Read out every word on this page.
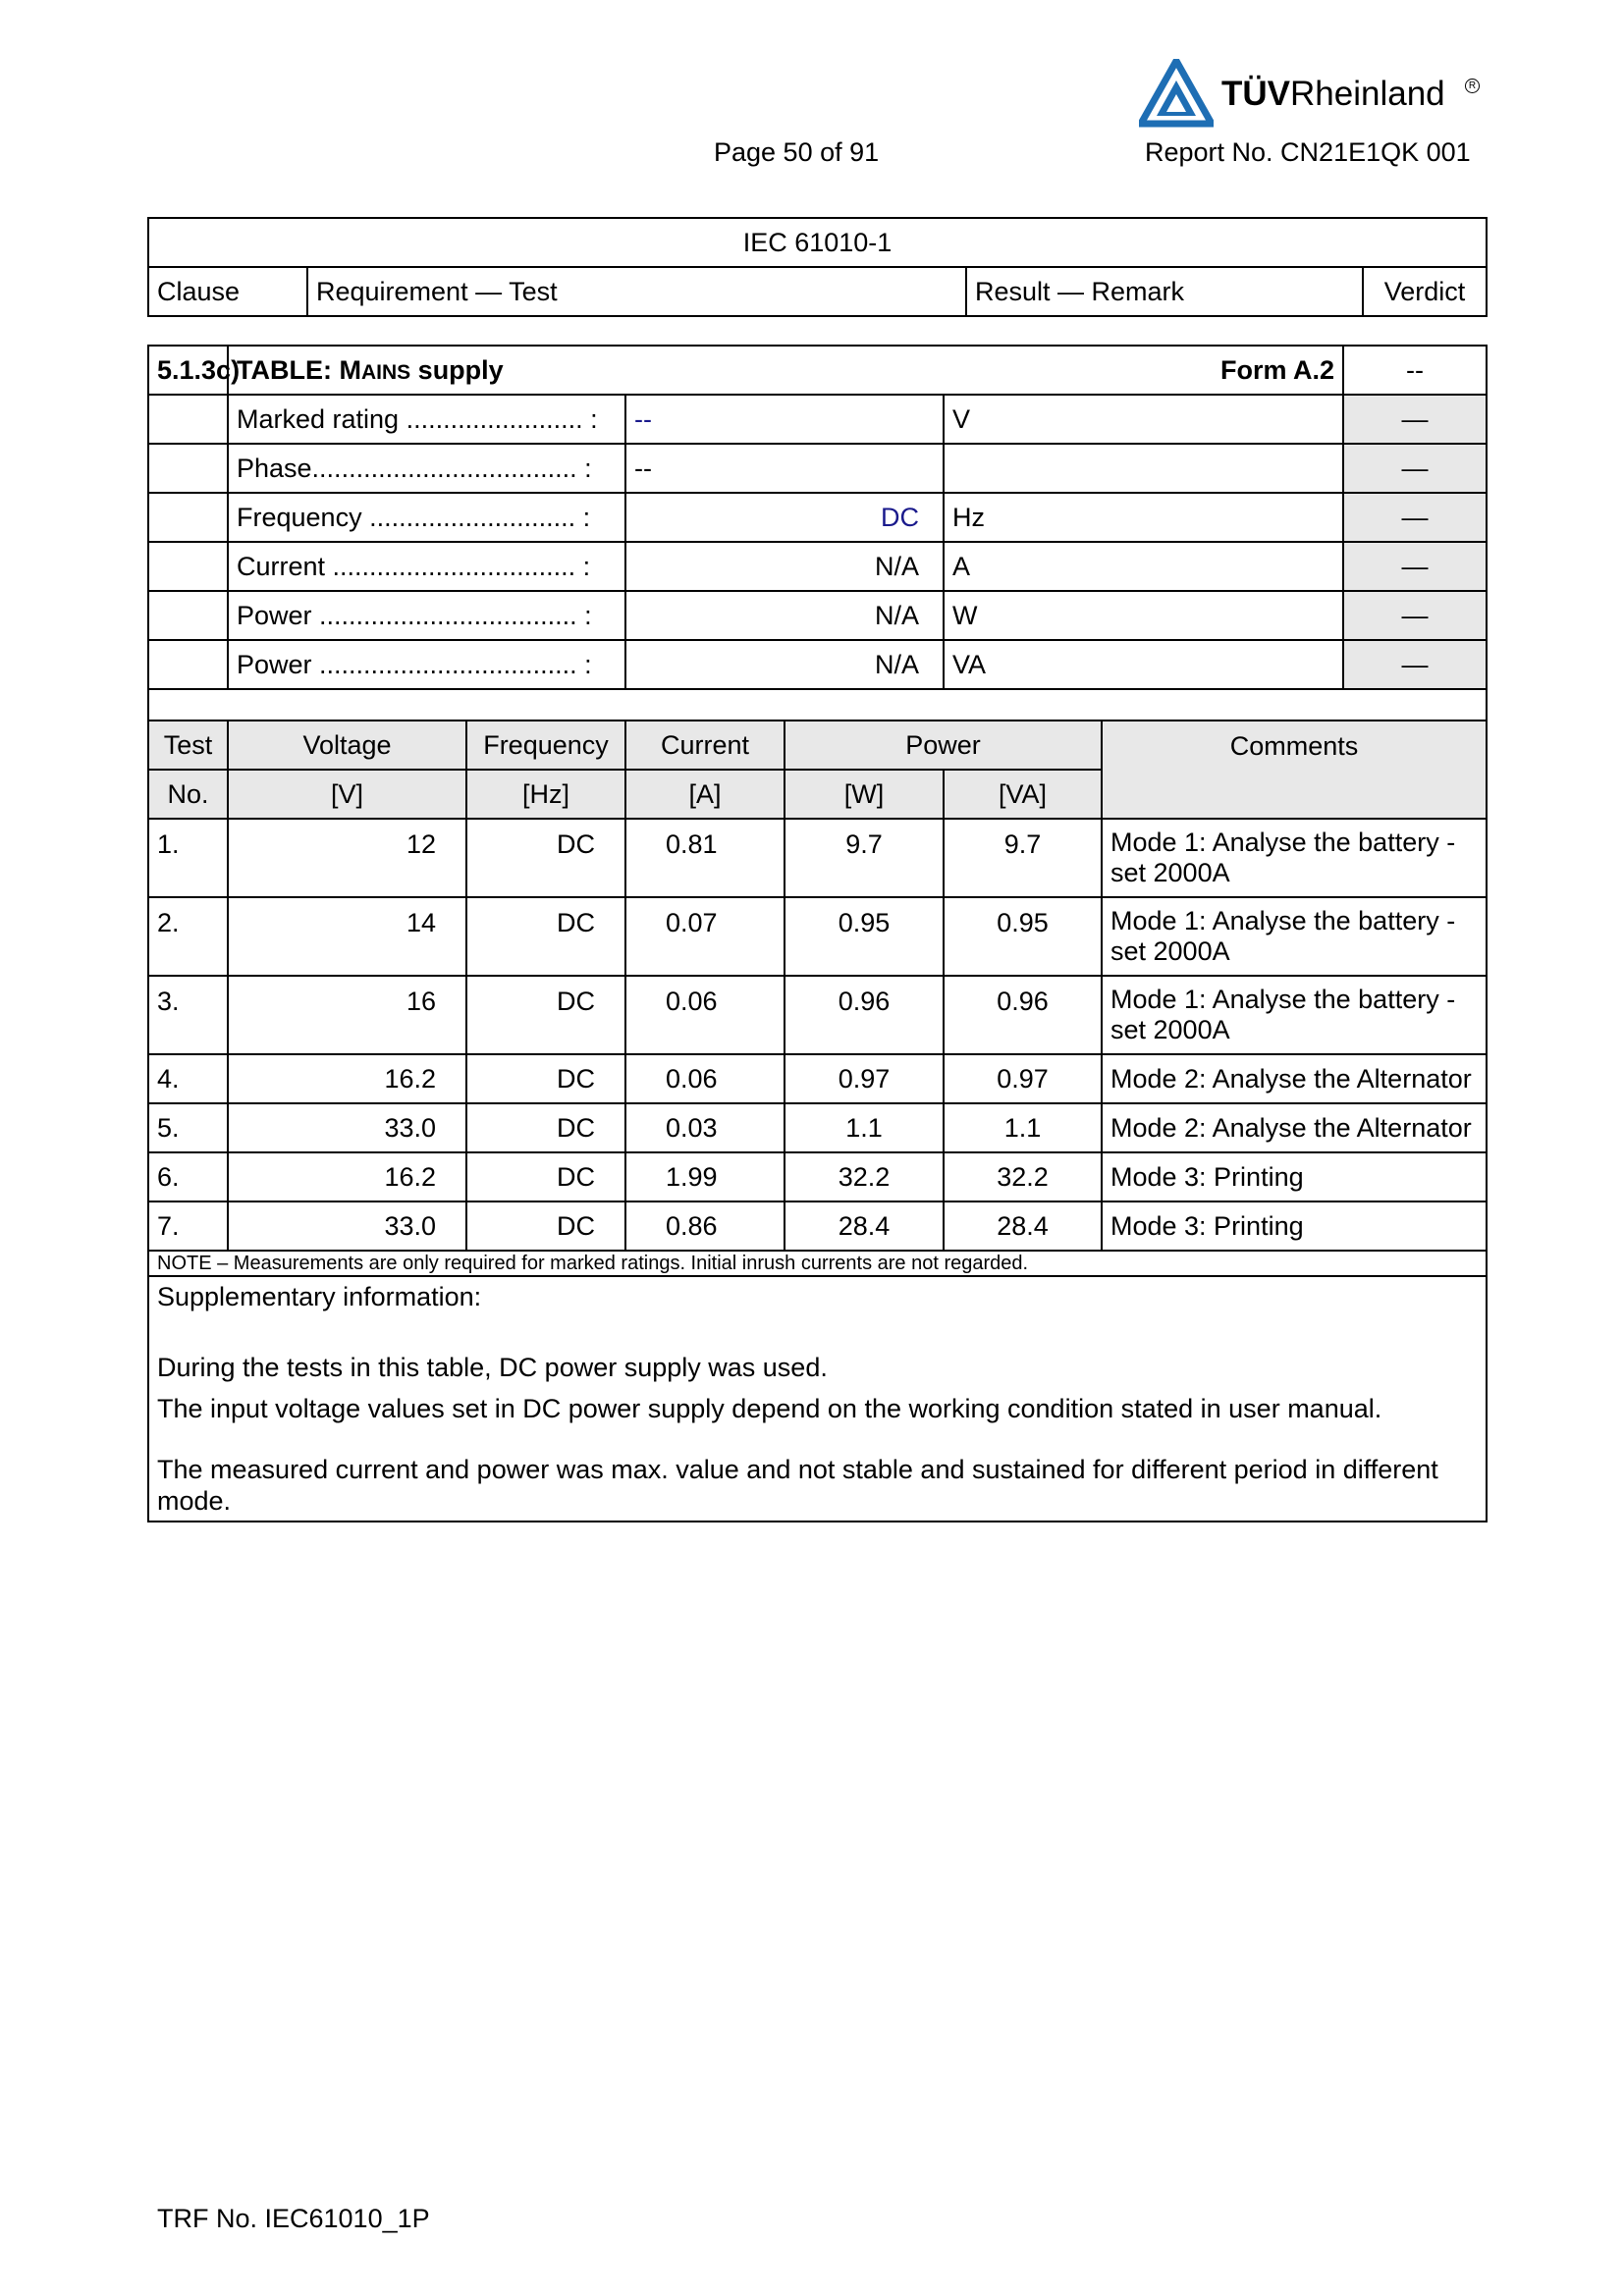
TÜVRheinland	R
Page 50 of 91	Report No. CN21E1QK 001
IEC 61010-1
Clause	Requirement — Test	Result — Remark	Verdict
5.1.3c)	TABLE: MAINS supply Form A.2						--
	Marked rating ........................ :		--		V		—
	Phase.................................... :		--				—
	Frequency ............................ :		DC		Hz		—
	Current ................................. :		N/A		A		—
	Power ................................... :		N/A		W		—
	Power ................................... :		N/A		VA		—

Test	Voltage	Frequency	Current	Power		Comments	
No.	[V]	[Hz]	[A]	[W]	[VA]		
1.	12	DC	0.81	9.7	9.7	Mode 1: Analyse the battery - set 2000A	
2.	14	DC	0.07	0.95	0.95	Mode 1: Analyse the battery - set 2000A	
3.	16	DC	0.06	0.96	0.96	Mode 1: Analyse the battery - set 2000A	
4.	16.2	DC	0.06	0.97	0.97	Mode 2: Analyse the Alternator	
5.	33.0	DC	0.03	1.1	1.1	Mode 2: Analyse the Alternator	
6.	16.2	DC	1.99	32.2	32.2	Mode 3: Printing	
7.	33.0	DC	0.86	28.4	28.4	Mode 3: Printing	
NOTE – Measurements are only required for marked ratings. Initial inrush currents are not regarded.							

Supplementary information:

During the tests in this table, DC power supply was used.

The input voltage values set in DC power supply depend on the working condition stated in user manual.

The measured current and power was max. value and not stable and sustained for different period in different mode.							

TRF No. IEC61010_1P
